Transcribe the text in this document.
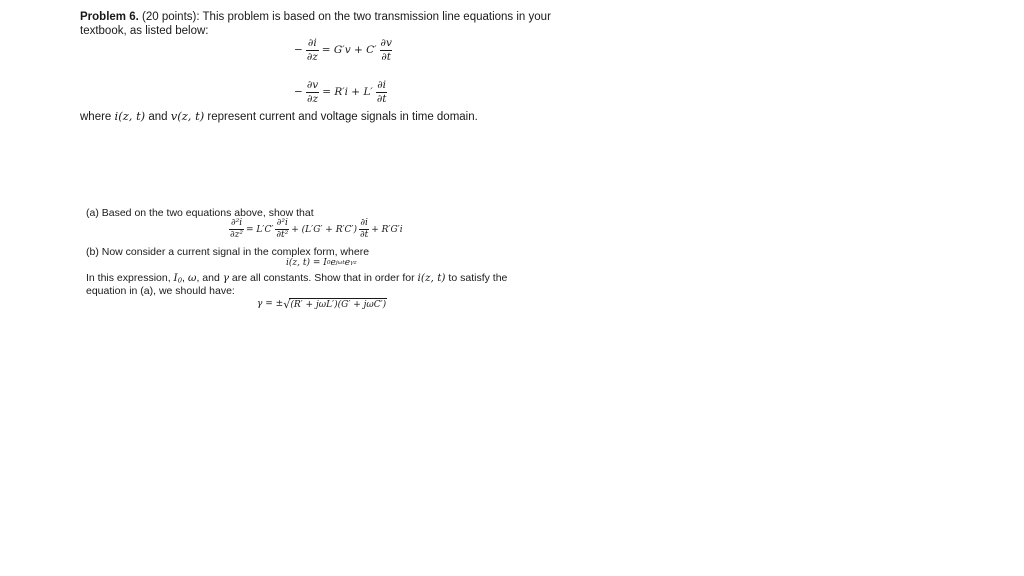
Problem 6. (20 points): This problem is based on the two transmission line equations in your
textbook, as listed below:
− $\frac{\partial i}{\partial z} = G'v + C' \frac{\partial v}{\partial t}$
− $\frac{\partial v}{\partial z} = R'i + L' \frac{\partial i}{\partial t}$
where i(z, t) and v(z, t) represent current and voltage signals in time domain.
(a) Based on the two equations above, show that
$\frac{\text{∂²i}}{\text{∂z²}} = L'C' \frac{\text{∂²i}}{\text{∂t²}} + (L'G' + R'C') \frac{\partial i}{\partial t} + R'G'i$
(b) Now consider a current signal in the complex form, where
i(z, t) = I 0 e jωt e γz
In this expression, $I_0$, ω, and γ are all constants. Show that in order for i(z, t) to satisfy the
equation in (a), we should have:
γ = ± √ (R′ + jωL′)(G′ + jωC′)
